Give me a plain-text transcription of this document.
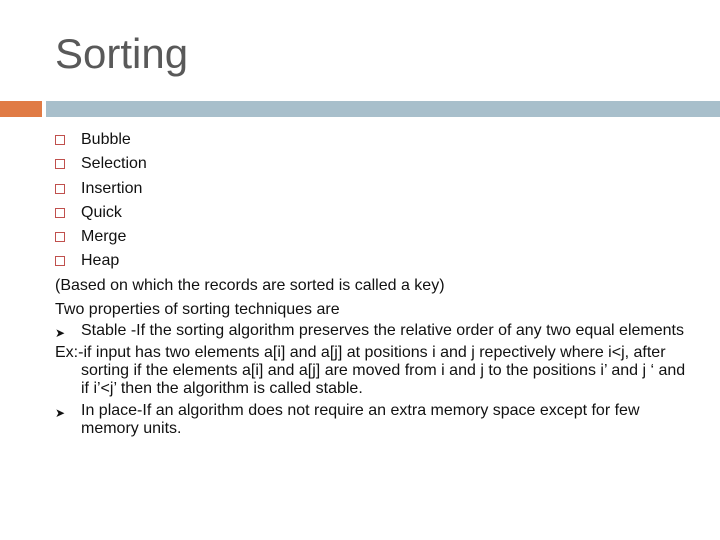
Sorting
Bubble
Selection
Insertion
Quick
Merge
Heap
(Based on which the records are sorted is called a key)
Two properties of sorting techniques are
➤ Stable -If the sorting algorithm preserves the relative order of any two equal elements
Ex:-if input has two elements a[i] and a[j] at positions i and j repectively where i<j, after sorting if the elements a[i] and a[j] are moved from i and j to the positions i’ and j ‘ and if i’<j’ then the algorithm is called stable.
➤ In place-If an algorithm does not require an extra memory space except for few memory units.
